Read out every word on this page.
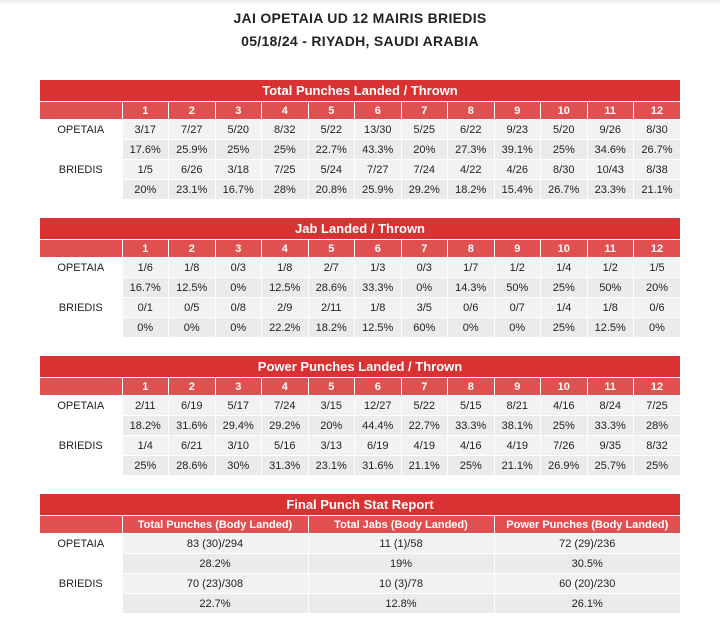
JAI OPETAIA UD 12 MAIRIS BRIEDIS
05/18/24 - RIYADH, SAUDI ARABIA
Total Punches Landed / Thrown												
	1	2	3	4	5	6	7	8	9	10	11	12
OPETAIA	3/17	7/27	5/20	8/32	5/22	13/30	5/25	6/22	9/23	5/20	9/26	8/30
	17.6%	25.9%	25%	25%	22.7%	43.3%	20%	27.3%	39.1%	25%	34.6%	26.7%
BRIEDIS	1/5	6/26	3/18	7/25	5/24	7/27	7/24	4/22	4/26	8/30	10/43	8/38
	20%	23.1%	16.7%	28%	20.8%	25.9%	29.2%	18.2%	15.4%	26.7%	23.3%	21.1%
Jab Landed / Thrown												
	1	2	3	4	5	6	7	8	9	10	11	12
OPETAIA	1/6	1/8	0/3	1/8	2/7	1/3	0/3	1/7	1/2	1/4	1/2	1/5
	16.7%	12.5%	0%	12.5%	28.6%	33.3%	0%	14.3%	50%	25%	50%	20%
BRIEDIS	0/1	0/5	0/8	2/9	2/11	1/8	3/5	0/6	0/7	1/4	1/8	0/6
	0%	0%	0%	22.2%	18.2%	12.5%	60%	0%	0%	25%	12.5%	0%
Power Punches Landed / Thrown												
	1	2	3	4	5	6	7	8	9	10	11	12
OPETAIA	2/11	6/19	5/17	7/24	3/15	12/27	5/22	5/15	8/21	4/16	8/24	7/25
	18.2%	31.6%	29.4%	29.2%	20%	44.4%	22.7%	33.3%	38.1%	25%	33.3%	28%
BRIEDIS	1/4	6/21	3/10	5/16	3/13	6/19	4/19	4/16	4/19	7/26	9/35	8/32
	25%	28.6%	30%	31.3%	23.1%	31.6%	21.1%	25%	21.1%	26.9%	25.7%	25%
Final Punch Stat Report			
	Total Punches (Body Landed)	Total Jabs (Body Landed)	Power Punches (Body Landed)
OPETAIA	83 (30)/294	11 (1)/58	72 (29)/236
	28.2%	19%	30.5%
BRIEDIS	70 (23)/308	10 (3)/78	60 (20)/230
	22.7%	12.8%	26.1%
